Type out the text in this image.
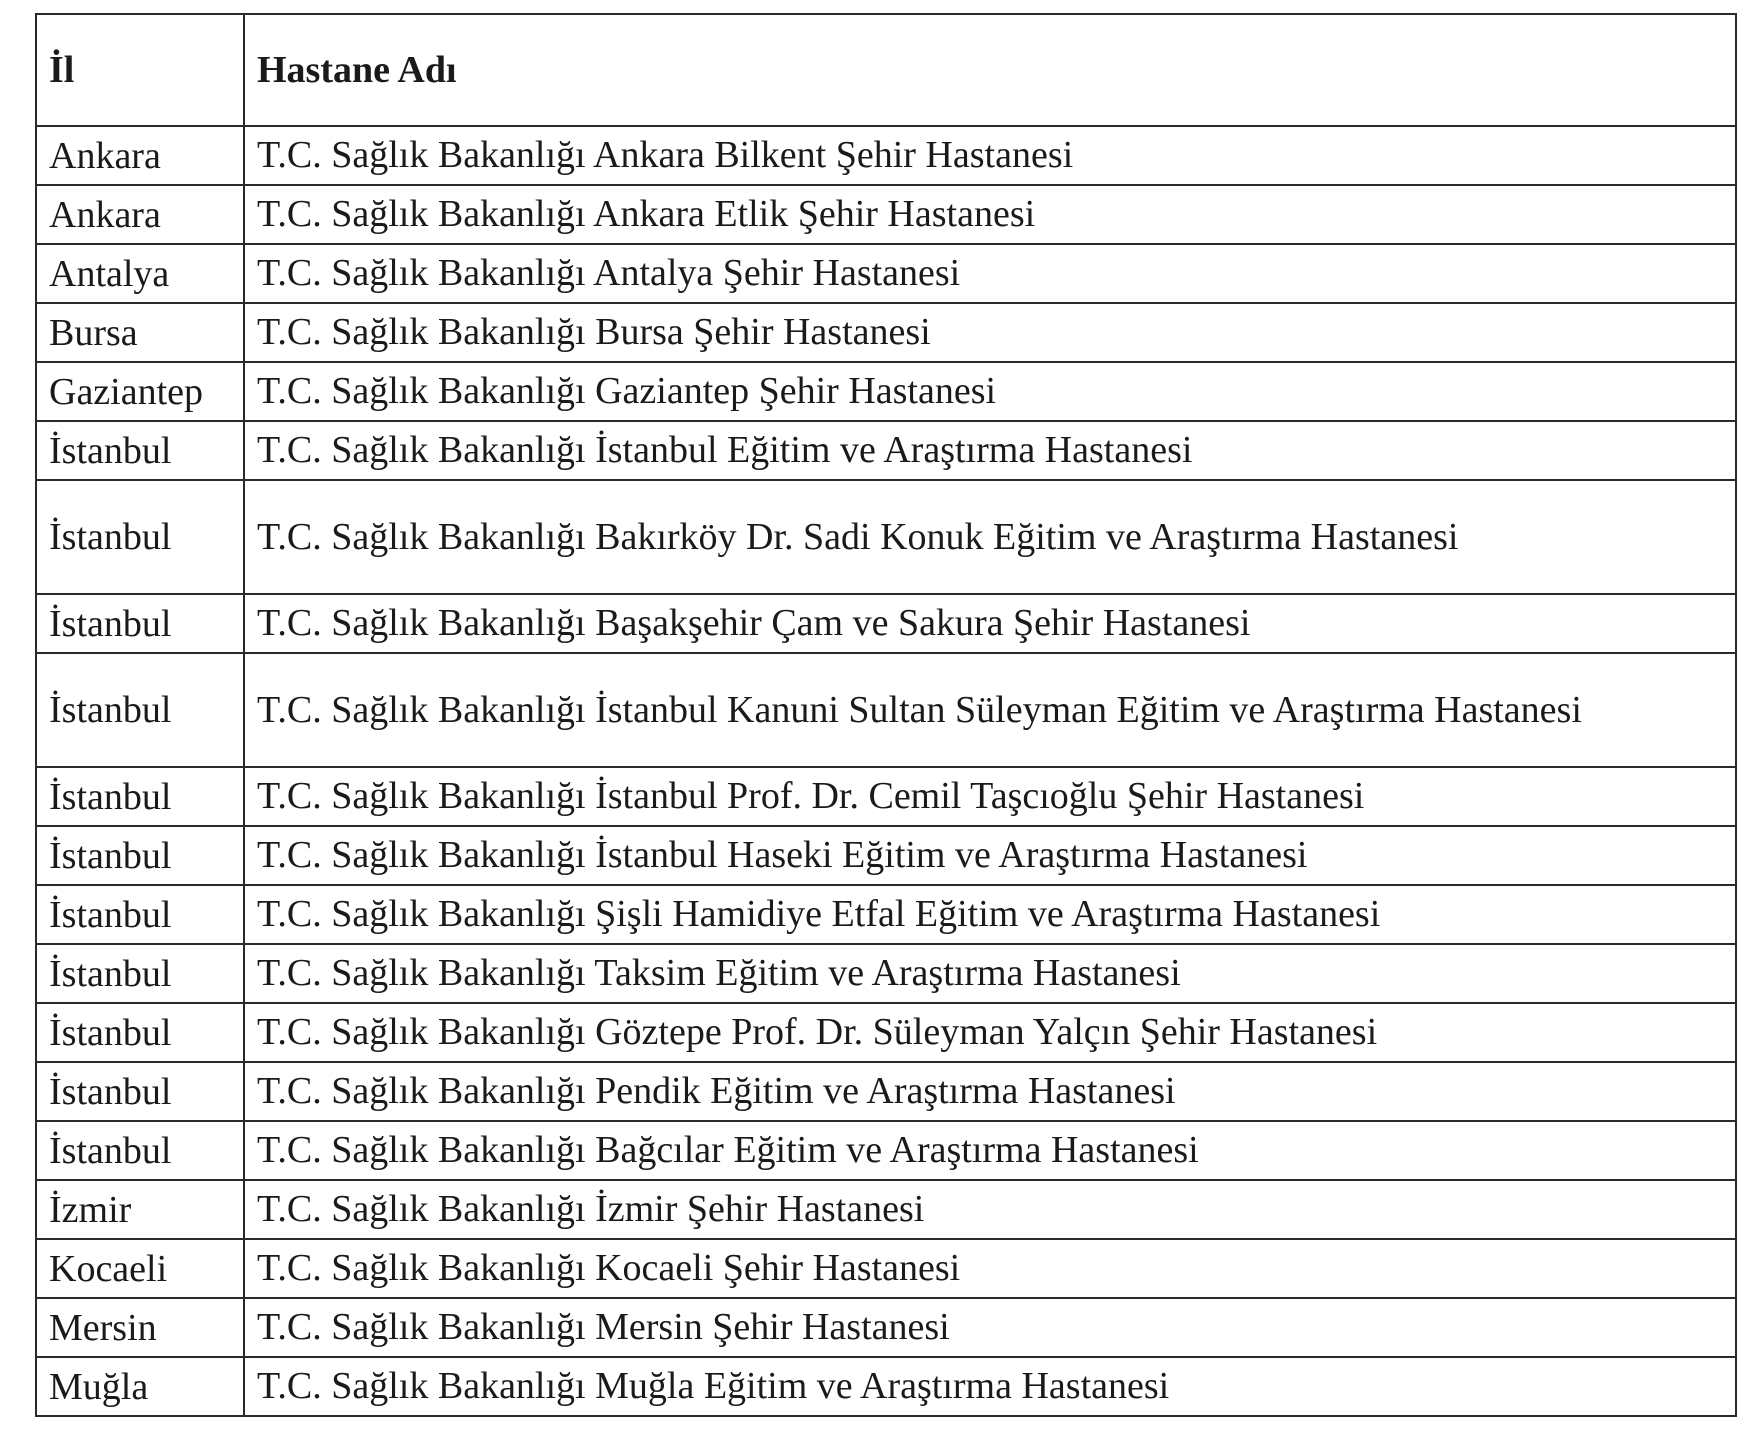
İl	Hastane Adı
Ankara	T.C. Sağlık Bakanlığı Ankara Bilkent Şehir Hastanesi
Ankara	T.C. Sağlık Bakanlığı Ankara Etlik Şehir Hastanesi
Antalya	T.C. Sağlık Bakanlığı Antalya Şehir Hastanesi
Bursa	T.C. Sağlık Bakanlığı Bursa Şehir Hastanesi
Gaziantep	T.C. Sağlık Bakanlığı Gaziantep Şehir Hastanesi
İstanbul	T.C. Sağlık Bakanlığı İstanbul Eğitim ve Araştırma Hastanesi
İstanbul	T.C. Sağlık Bakanlığı Bakırköy Dr. Sadi Konuk Eğitim ve Araştırma Hastanesi
İstanbul	T.C. Sağlık Bakanlığı Başakşehir Çam ve Sakura Şehir Hastanesi
İstanbul	T.C. Sağlık Bakanlığı İstanbul Kanuni Sultan Süleyman Eğitim ve Araştırma Hastanesi
İstanbul	T.C. Sağlık Bakanlığı İstanbul Prof. Dr. Cemil Taşcıoğlu Şehir Hastanesi
İstanbul	T.C. Sağlık Bakanlığı İstanbul Haseki Eğitim ve Araştırma Hastanesi
İstanbul	T.C. Sağlık Bakanlığı Şişli Hamidiye Etfal Eğitim ve Araştırma Hastanesi
İstanbul	T.C. Sağlık Bakanlığı Taksim Eğitim ve Araştırma Hastanesi
İstanbul	T.C. Sağlık Bakanlığı Göztepe Prof. Dr. Süleyman Yalçın Şehir Hastanesi
İstanbul	T.C. Sağlık Bakanlığı Pendik Eğitim ve Araştırma Hastanesi
İstanbul	T.C. Sağlık Bakanlığı Bağcılar Eğitim ve Araştırma Hastanesi
İzmir	T.C. Sağlık Bakanlığı İzmir Şehir Hastanesi
Kocaeli	T.C. Sağlık Bakanlığı Kocaeli Şehir Hastanesi
Mersin	T.C. Sağlık Bakanlığı Mersin Şehir Hastanesi
Muğla	T.C. Sağlık Bakanlığı Muğla Eğitim ve Araştırma Hastanesi
